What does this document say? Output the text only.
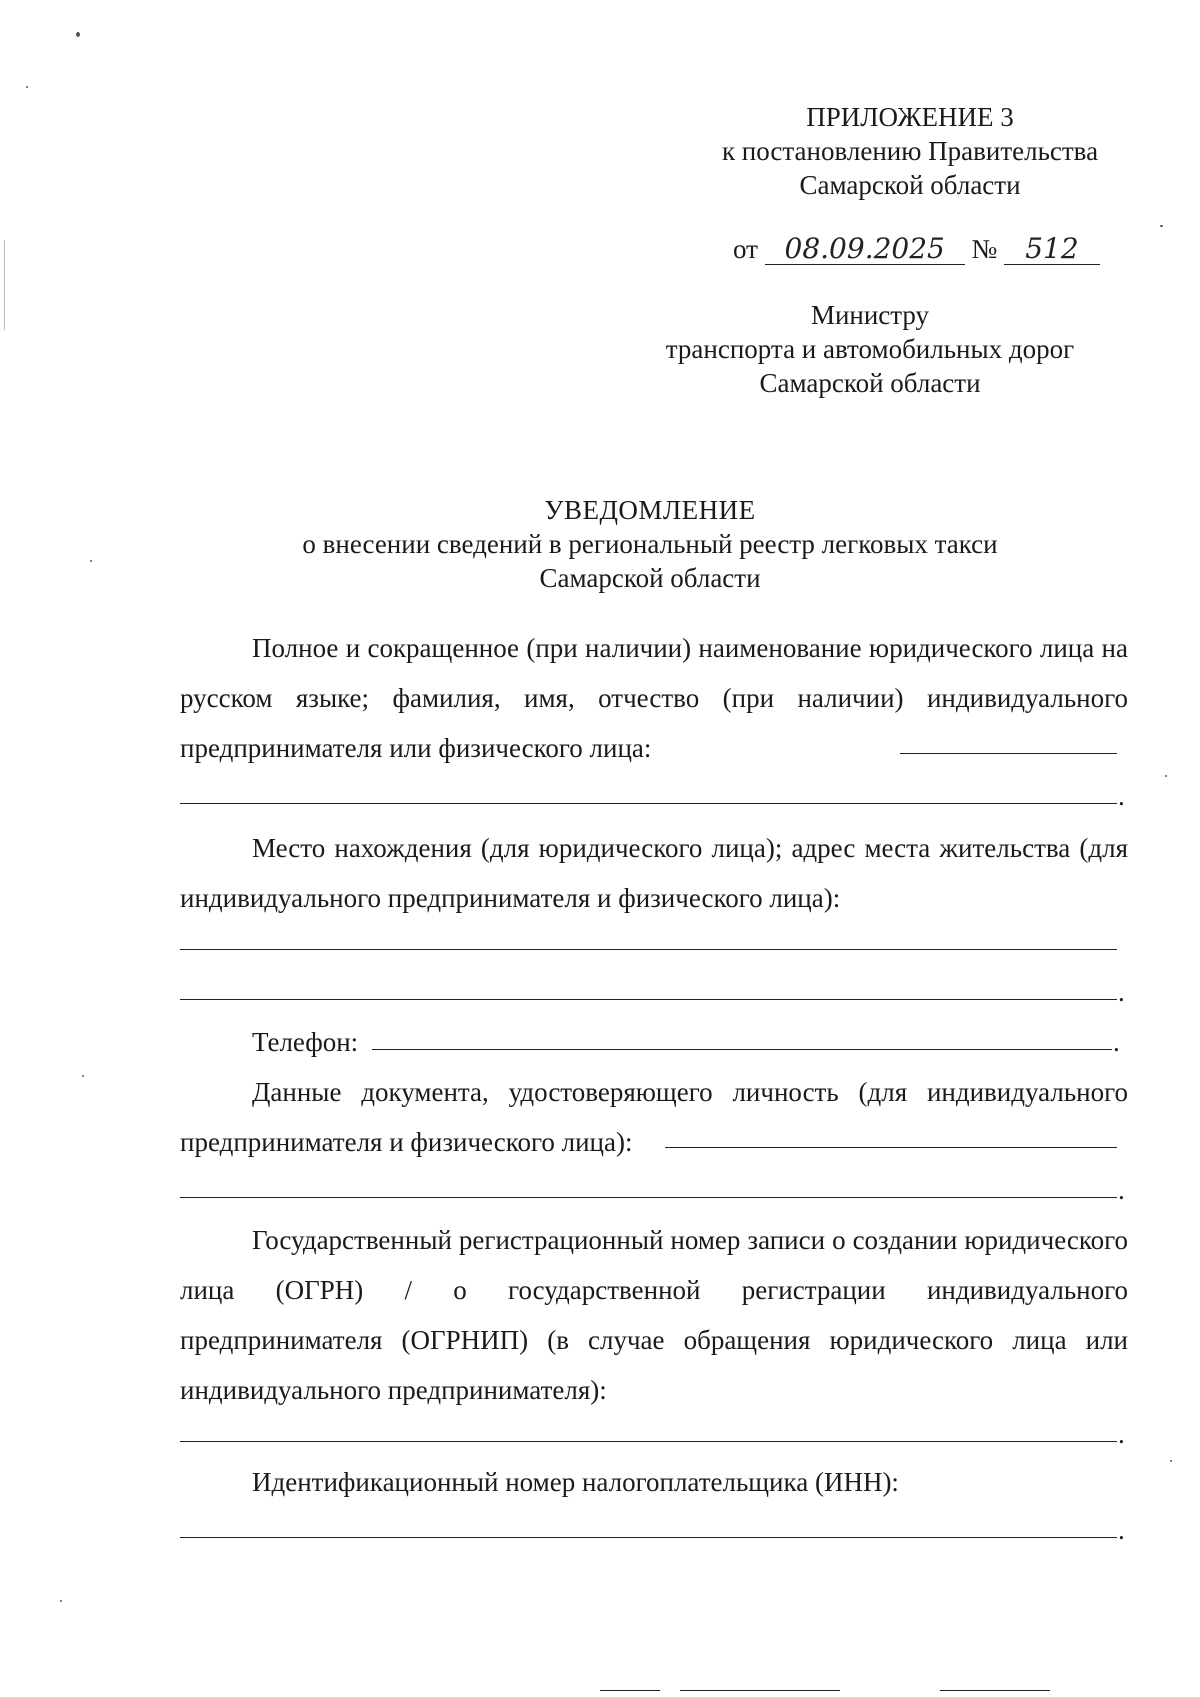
ПРИЛОЖЕНИЕ 3
к постановлению Правительства
Самарской области
от 08.09.2025 № 512
Министру
транспорта и автомобильных дорог
Самарской области
УВЕДОМЛЕНИЕ
о внесении сведений в региональный реестр легковых такси
Самарской области
Полное и сокращенное (при наличии) наименование юридического лица на русском языке; фамилия, имя, отчество (при наличии) индивидуального предпринимателя или физического лица:
.
Место нахождения (для юридического лица); адрес места жительства (для индивидуального предпринимателя и физического лица):
.
Телефон:	.
Данные документа, удостоверяющего личность (для индивидуального
предпринимателя и физического лица):
.
Государственный регистрационный номер записи о создании юридического лица (ОГРН) / о государственной регистрации индивидуального предпринимателя (ОГРНИП) (в случае обращения юридического лица или индивидуального предпринимателя):
.
Идентификационный номер налогоплательщика (ИНН):
.
